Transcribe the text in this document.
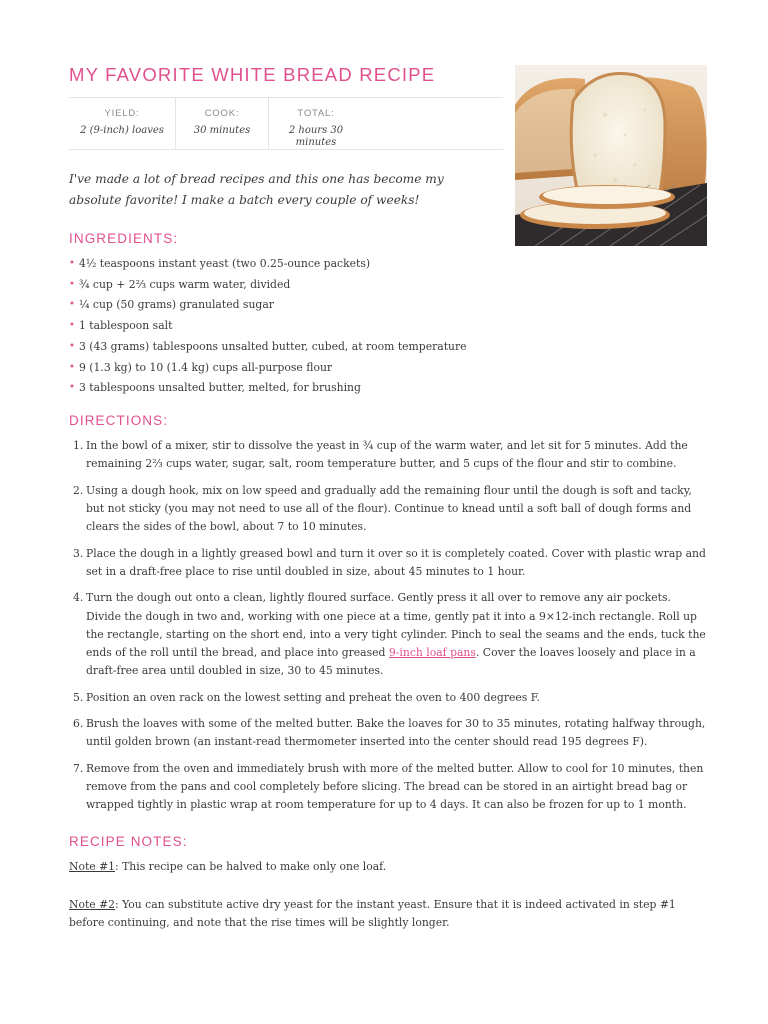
MY FAVORITE WHITE BREAD RECIPE
YIELD:
2 (9-inch) loaves
COOK:
30 minutes
TOTAL:
2 hours 30 minutes

I've made a lot of bread recipes and this one has become my absolute favorite! I make a batch every couple of weeks!

INGREDIENTS:
• 4½ teaspoons instant yeast (two 0.25-ounce packets)
• ¾ cup + 2⅔ cups warm water, divided
• ¼ cup (50 grams) granulated sugar
• 1 tablespoon salt
• 3 (43 grams) tablespoons unsalted butter, cubed, at room temperature
• 9 (1.3 kg) to 10 (1.4 kg) cups all-purpose flour
• 3 tablespoons unsalted butter, melted, for brushing
DIRECTIONS:
1. In the bowl of a mixer, stir to dissolve the yeast in ¾ cup of the warm water, and let sit for 5 minutes. Add the remaining 2⅔ cups water, sugar, salt, room temperature butter, and 5 cups of the flour and stir to combine.
2. Using a dough hook, mix on low speed and gradually add the remaining flour until the dough is soft and tacky, but not sticky (you may not need to use all of the flour). Continue to knead until a soft ball of dough forms and clears the sides of the bowl, about 7 to 10 minutes.
3. Place the dough in a lightly greased bowl and turn it over so it is completely coated. Cover with plastic wrap and set in a draft-free place to rise until doubled in size, about 45 minutes to 1 hour.
4. Turn the dough out onto a clean, lightly floured surface. Gently press it all over to remove any air pockets. Divide the dough in two and, working with one piece at a time, gently pat it into a 9×12-inch rectangle. Roll up the rectangle, starting on the short end, into a very tight cylinder. Pinch to seal the seams and the ends, tuck the ends of the roll until the bread, and place into greased 9-inch loaf pans. Cover the loaves loosely and place in a draft-free area until doubled in size, 30 to 45 minutes.
5. Position an oven rack on the lowest setting and preheat the oven to 400 degrees F.
6. Brush the loaves with some of the melted butter. Bake the loaves for 30 to 35 minutes, rotating halfway through, until golden brown (an instant-read thermometer inserted into the center should read 195 degrees F).
7. Remove from the oven and immediately brush with more of the melted butter. Allow to cool for 10 minutes, then remove from the pans and cool completely before slicing. The bread can be stored in an airtight bread bag or wrapped tightly in plastic wrap at room temperature for up to 4 days. It can also be frozen for up to 1 month.
RECIPE NOTES:

Note #1: This recipe can be halved to make only one loaf.

Note #2: You can substitute active dry yeast for the instant yeast. Ensure that it is indeed activated in step #1 before continuing, and note that the rise times will be slightly longer.
